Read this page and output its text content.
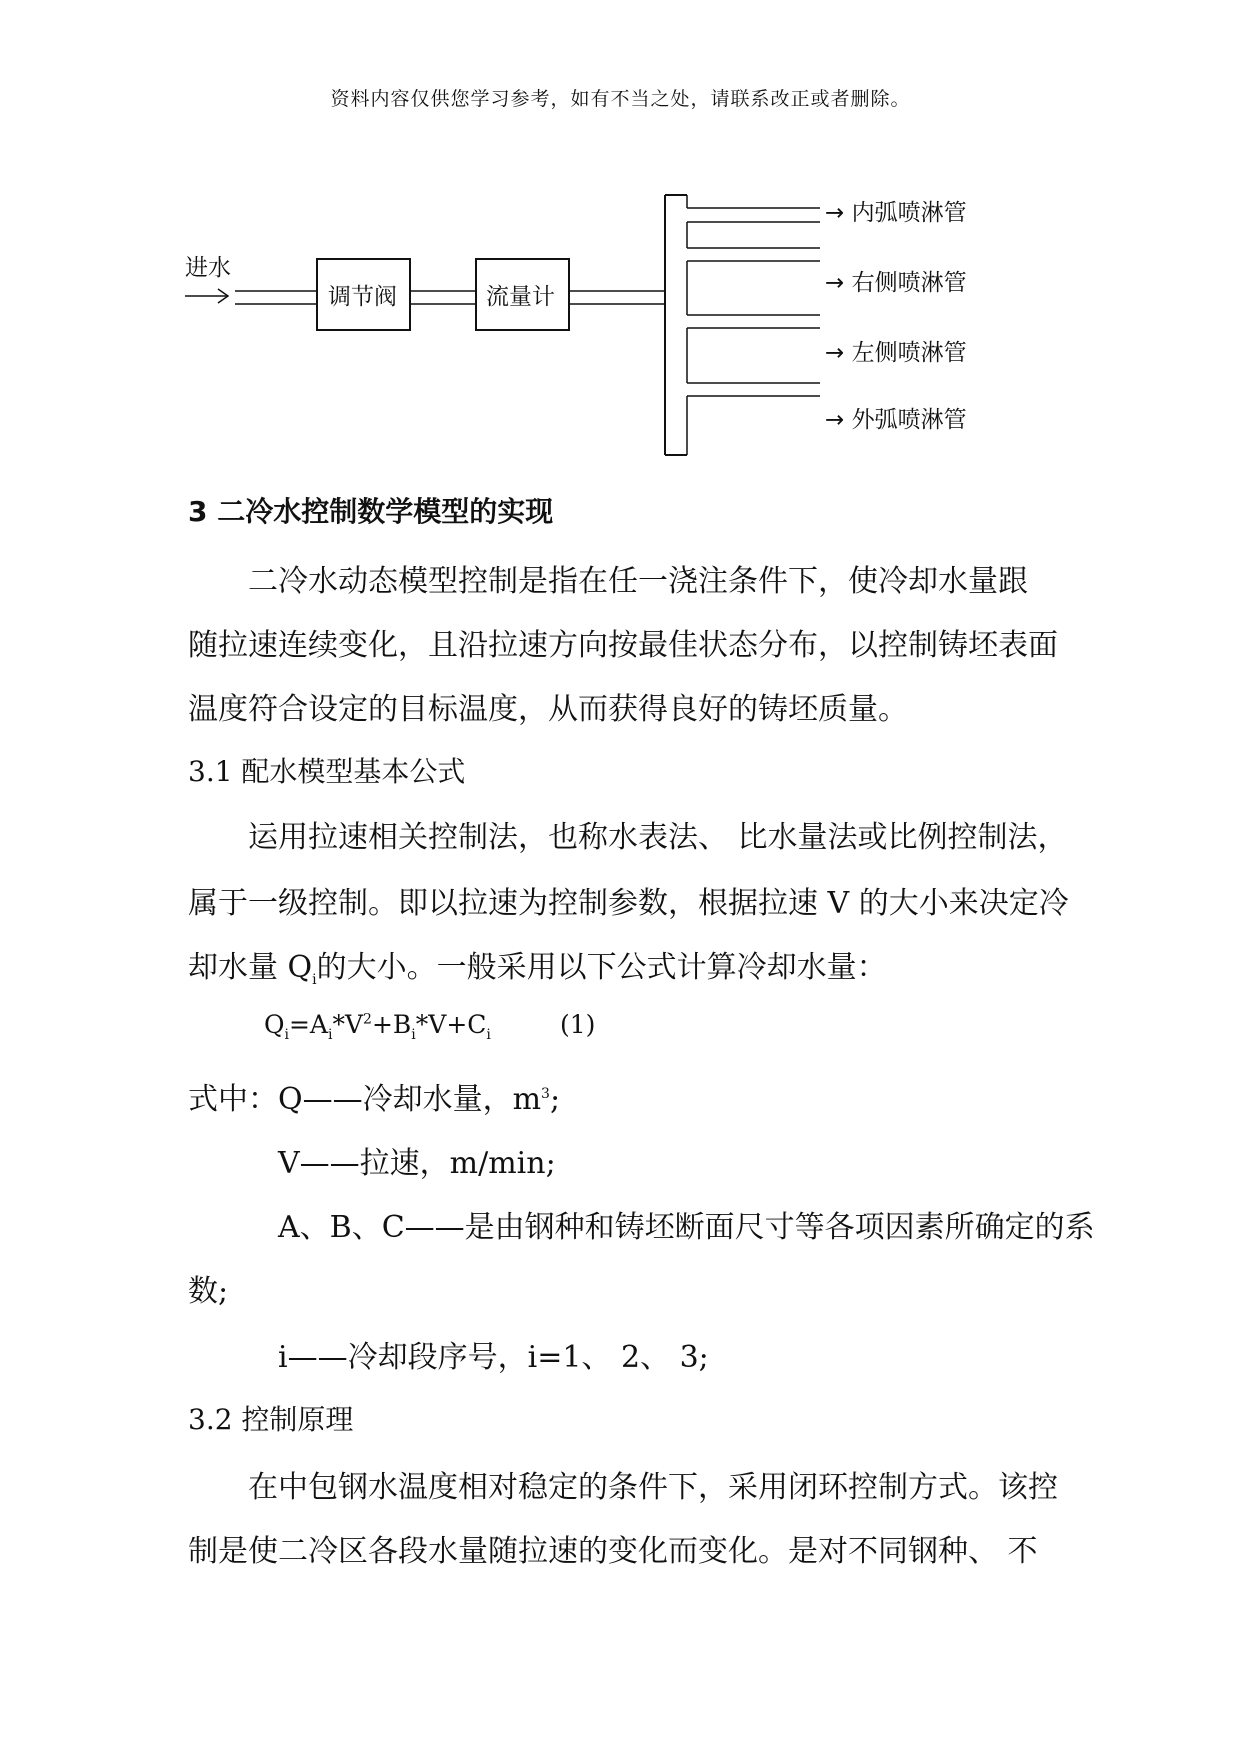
资料内容仅供您学习参考，如有不当之处，请联系改正或者删除。
进水
调节阀	流量计
→ 内弧喷淋管
→ 右侧喷淋管
→ 左侧喷淋管
→ 外弧喷淋管
3 二冷水控制数学模型的实现
二冷水动态模型控制是指在任一浇注条件下，使冷却水量跟
随拉速连续变化，且沿拉速方向按最佳状态分布，以控制铸坯表面
温度符合设定的目标温度，从而获得良好的铸坯质量。
3.1 配水模型基本公式
运用拉速相关控制法，也称水表法、 比水量法或比例控制法，
属于一级控制。即以拉速为控制参数，根据拉速 V 的大小来决定冷
却水量 $Q_i$的大小。一般采用以下公式计算冷却水量：
$Q_i=A_i*V^2+B_i*V+C_i$	(1)
式中：Q——冷却水量，$m^3$;
V——拉速，m/min;
A、B、C——是由钢种和铸坯断面尺寸等各项因素所确定的系
数;
i——冷却段序号，i=1、 2、 3;
3.2 控制原理
在中包钢水温度相对稳定的条件下，采用闭环控制方式。该控
制是使二冷区各段水量随拉速的变化而变化。是对不同钢种、 不
